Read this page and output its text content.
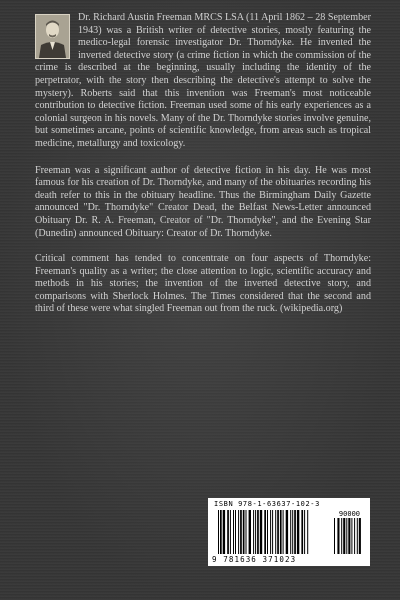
Dr. Richard Austin Freeman MRCS LSA (11 April 1862 – 28 September 1943) was a British writer of detective stories, mostly featuring the medico-legal forensic investigator Dr. Thorndyke. He invented the inverted detective story (a crime fiction in which the commission of the crime is described at the beginning, usually including the identity of the perpetrator, with the story then describing the detective's attempt to solve the mystery). Roberts said that this invention was Freeman's most noticeable contribution to detective fiction. Freeman used some of his early experiences as a colonial surgeon in his novels. Many of the Dr. Thorndyke stories involve genuine, but sometimes arcane, points of scientific knowledge, from areas such as tropical medicine, metallurgy and toxicology.

Freeman was a significant author of detective fiction in his day. He was most famous for his creation of Dr. Thorndyke, and many of the obituaries recording his death refer to this in the obituary headline. Thus the Birmingham Daily Gazette announced "Dr. Thorndyke" Creator Dead, the Belfast News-Letter announced Obituary Dr. R. A. Freeman, Creator of "Dr. Thorndyke", and the Evening Star (Dunedin) announced Obituary: Creator of Dr. Thorndyke.

Critical comment has tended to concentrate on four aspects of Thorndyke: Freeman's quality as a writer; the close attention to logic, scientific accuracy and methods in his stories; the invention of the inverted detective story, and comparisons with Sherlock Holmes. The Times considered that the second and third of these were what singled Freeman out from the ruck. (wikipedia.org)

ISBN 978-1-63637-102-3
90000
9 781636 371023
